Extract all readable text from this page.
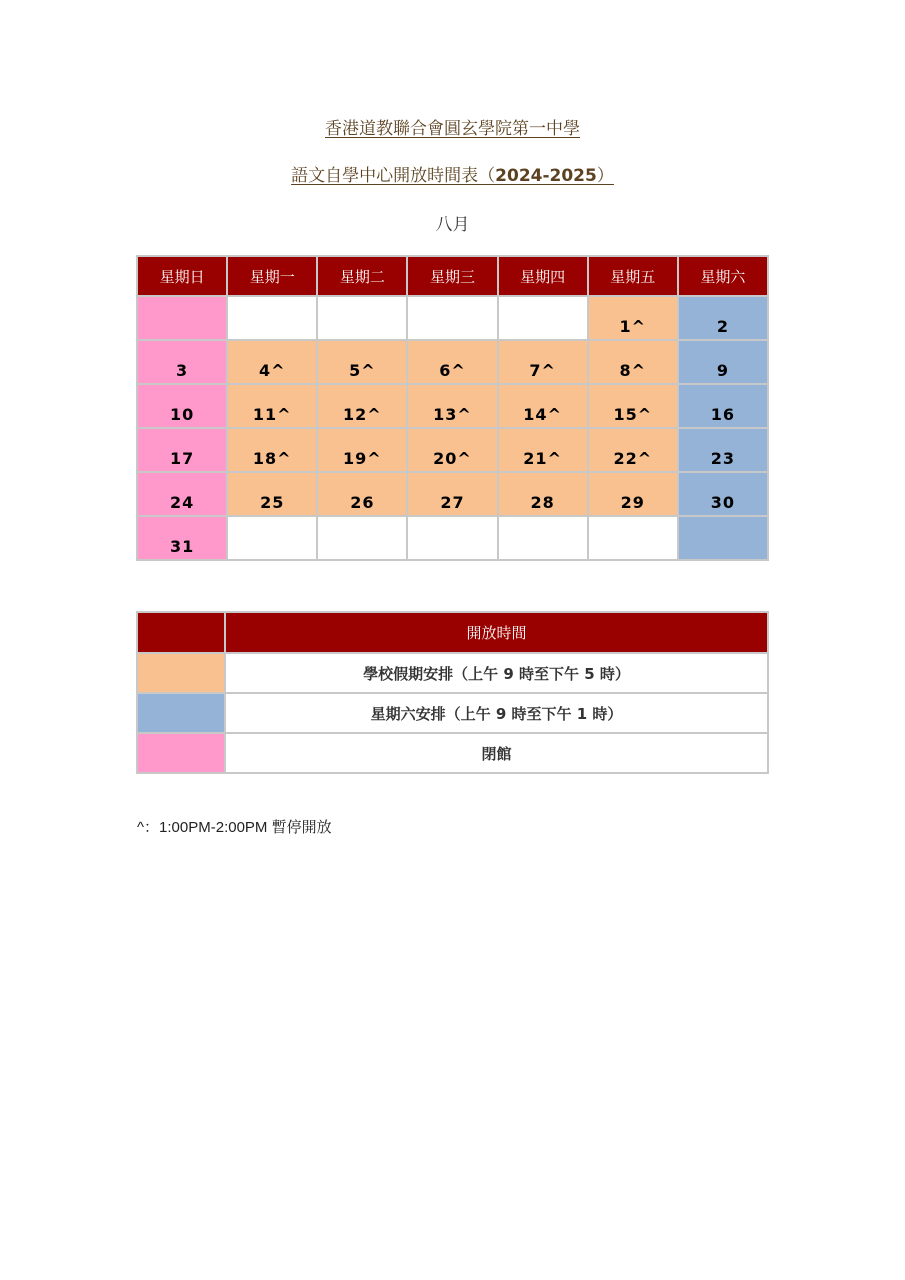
香港道教聯合會圓玄學院第一中學
語文自學中心開放時間表（2024-2025）
八月
星期日	星期一	星期二	星期三	星期四	星期五	星期六
					1^	2
3	4^	5^	6^	7^	8^	9
10	11^	12^	13^	14^	15^	16
17	18^	19^	20^	21^	22^	23
24	25	26	27	28	29	30
31						
	開放時間
	學校假期安排（上午 9 時至下午 5 時）
	星期六安排（上午 9 時至下午 1 時）
	閉館
^：1:00PM-2:00PM 暫停開放
